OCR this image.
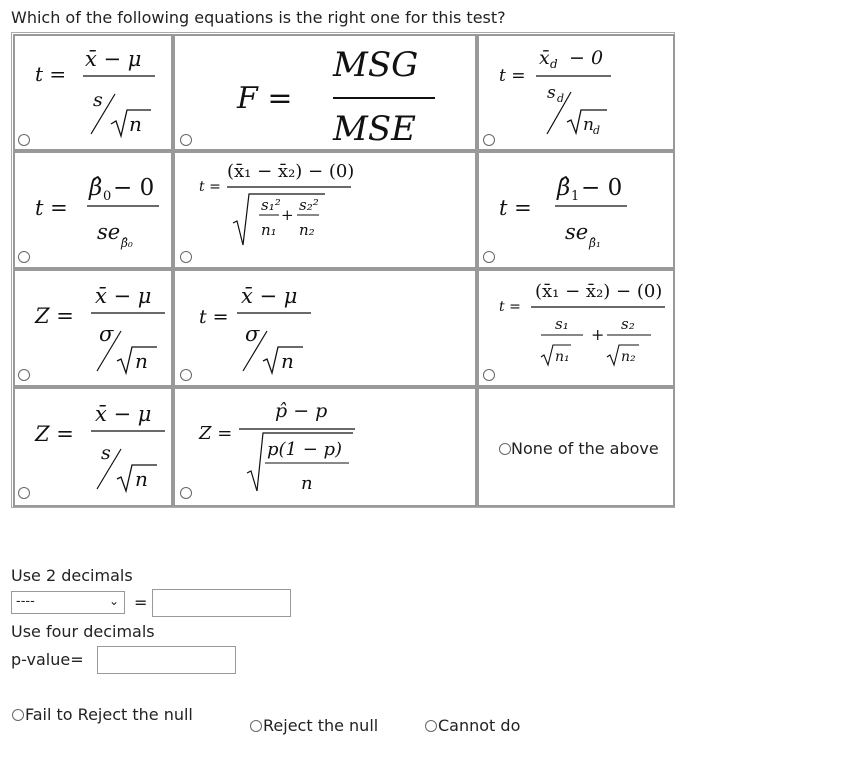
Which of the following equations is the right one for this test?
t =
x̄ − μ
s
n
F =
MSG
MSE
t =
x̄ d − 0
s d
n d
t =
β̂ 0 − 0
se β̂₀
t =
(x̄₁ − x̄₂) − (0)
s₁²
n₁
+
s₂²
n₂
t =
β̂ 1 − 0
se β̂₁
Z =
x̄ − μ
σ
n
t =
x̄ − μ
σ
n
t =
(x̄₁ − x̄₂) − (0)
s₁
n₁
+
s₂
n₂
Z =
x̄ − μ
s
n
Z =
p̂ − p
p(1 − p)
n
None of the above
Use 2 decimals
----	⌄ =
Use four decimals
p-value=
Fail to Reject the null
Reject the null	Cannot do
